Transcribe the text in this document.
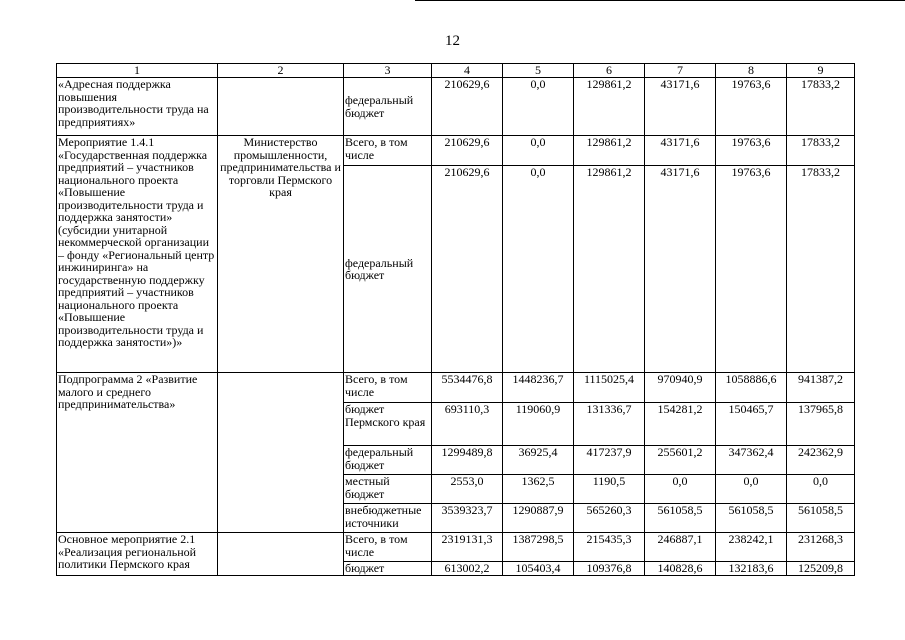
12
1	2	3	4	5	6	7	8	9
«Адресная поддержка повышения производительности труда на предприятиях»		федеральный бюджет	210629,6	0,0	129861,2	43171,6	19763,6	17833,2
Мероприятие 1.4.1 «Государственная поддержка предприятий – участников национального проекта «Повышение производительности труда и поддержка занятости» (субсидии унитарной некоммерческой организации – фонду «Региональный центр инжиниринга» на государственную поддержку предприятий – участников национального проекта «Повышение производительности труда и поддержка занятости»)»	Министерство промышленности, предпринимательства и торговли Пермского края	Всего, в том числе	210629,6	0,0	129861,2	43171,6	19763,6	17833,2
		федеральный бюджет	210629,6	0,0	129861,2	43171,6	19763,6	17833,2
Подпрограмма 2 «Развитие малого и среднего предпринимательства»		Всего, в том числе	5534476,8	1448236,7	1115025,4	970940,9	1058886,6	941387,2
		бюджет Пермского края	693110,3	119060,9	131336,7	154281,2	150465,7	137965,8
		федеральный бюджет	1299489,8	36925,4	417237,9	255601,2	347362,4	242362,9
		местный бюджет	2553,0	1362,5	1190,5	0,0	0,0	0,0
		внебюджетные источники	3539323,7	1290887,9	565260,3	561058,5	561058,5	561058,5
Основное мероприятие 2.1 «Реализация региональной политики Пермского края		Всего, в том числе	2319131,3	1387298,5	215435,3	246887,1	238242,1	231268,3
		бюджет	613002,2	105403,4	109376,8	140828,6	132183,6	125209,8
